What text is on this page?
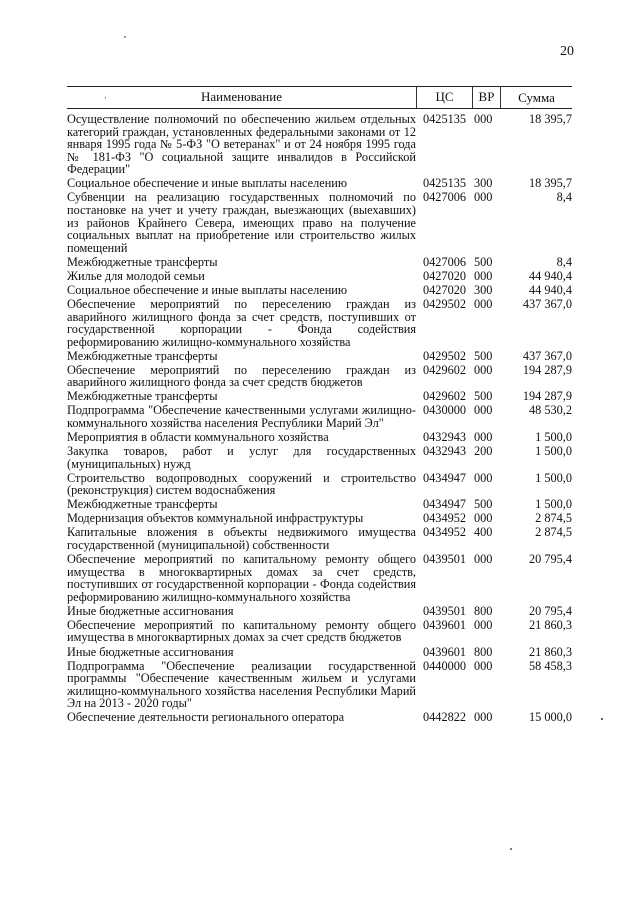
20
·	Наименование	ЦС	ВР	Сумма
Осуществление полномочий по обеспечению жильем отдельных категорий граждан, установленных федеральными законами от 12 января 1995 года № 5-ФЗ "О ветеранах" и от 24 ноября 1995 года № 181-ФЗ "О социальной защите инвалидов в Российской Федерации"
0425135 000	18 395,7
Социальное обеспечение и иные выплаты населению	0425135 300	18 395,7
Субвенции на реализацию государственных полномочий по постановке на учет и учету граждан, выезжающих (выехавших) из районов Крайнего Севера, имеющих право на получение социальных выплат на приобретение или строительство жилых помещений
0427006 000	8,4
Межбюджетные трансферты	0427006 500	8,4
Жилье для молодой семьи	0427020 000	44 940,4
Социальное обеспечение и иные выплаты населению	0427020 300	44 940,4
Обеспечение мероприятий по переселению граждан из аварийного жилищного фонда за счет средств, поступивших от государственной корпорации - Фонда содействия реформированию жилищно-коммунального хозяйства
0429502 000	437 367,0
Межбюджетные трансферты	0429502 500	437 367,0
Обеспечение мероприятий по переселению граждан из аварийного жилищного фонда за счет средств бюджетов
0429602 000	194 287,9
Межбюджетные трансферты	0429602 500	194 287,9
Подпрограмма "Обеспечение качественными услугами жилищно-коммунального хозяйства населения Республики Марий Эл"
0430000 000	48 530,2
Мероприятия в области коммунального хозяйства	0432943 000	1 500,0
Закупка товаров, работ и услуг для государственных (муниципальных) нужд
0432943 200	1 500,0
Строительство водопроводных сооружений и строительство (реконструкция) систем водоснабжения
0434947 000	1 500,0
Межбюджетные трансферты	0434947 500	1 500,0
Модернизация объектов коммунальной инфраструктуры	0434952 000	2 874,5
Капитальные вложения в объекты недвижимого имущества государственной (муниципальной) собственности
0434952 400	2 874,5
Обеспечение мероприятий по капитальному ремонту общего имущества в многоквартирных домах за счет средств, поступивших от государственной корпорации - Фонда содействия реформированию жилищно-коммунального хозяйства
0439501 000	20 795,4
Иные бюджетные ассигнования	0439501 800	20 795,4
Обеспечение мероприятий по капитальному ремонту общего имущества в многоквартирных домах за счет средств бюджетов
0439601 000	21 860,3
Иные бюджетные ассигнования	0439601 800	21 860,3
Подпрограмма "Обеспечение реализации государственной программы "Обеспечение качественным жильем и услугами жилищно-коммунального хозяйства населения Республики Марий Эл на 2013 - 2020 годы"
0440000 000	58 458,3
Обеспечение деятельности регионального оператора	0442822 000	15 000,0
